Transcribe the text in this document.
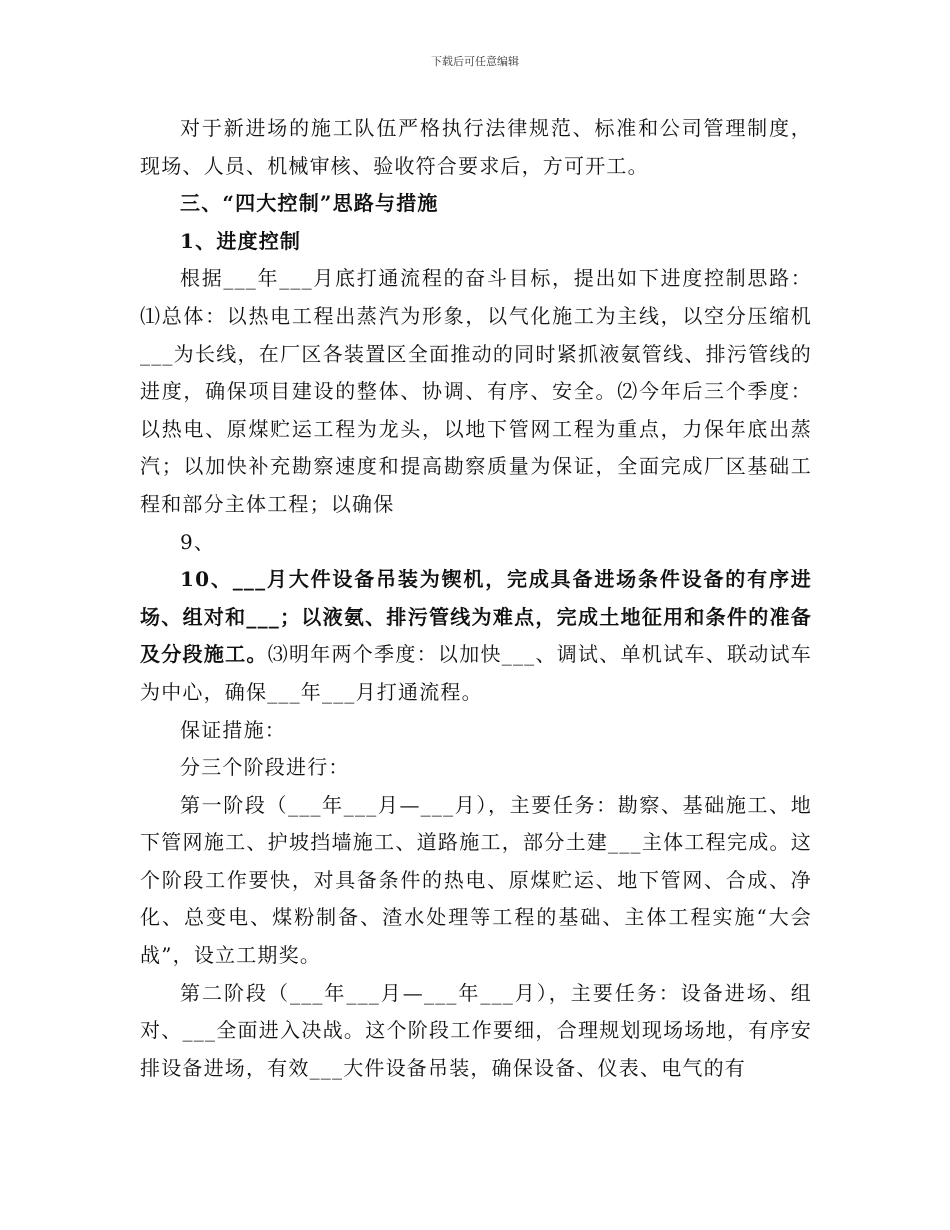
下载后可任意编辑

对于新进场的施工队伍严格执行法律规范、标准和公司管理制度，现场、人员、机械审核、验收符合要求后，方可开工。

三、“四大控制”思路与措施

1、进度控制

根据___年___月底打通流程的奋斗目标，提出如下进度控制思路：⑴总体：以热电工程出蒸汽为形象，以气化施工为主线，以空分压缩机___为长线，在厂区各装置区全面推动的同时紧抓液氨管线、排污管线的进度，确保项目建设的整体、协调、有序、安全。⑵今年后三个季度：以热电、原煤贮运工程为龙头，以地下管网工程为重点，力保年底出蒸汽；以加快补充勘察速度和提高勘察质量为保证，全面完成厂区基础工程和部分主体工程；以确保

9、

10、___月大件设备吊装为锲机，完成具备进场条件设备的有序进场、组对和___；以液氨、排污管线为难点，完成土地征用和条件的准备及分段施工。⑶明年两个季度：以加快___、调试、单机试车、联动试车为中心，确保___年___月打通流程。

保证措施：

分三个阶段进行：

第一阶段（___年___月—___月），主要任务：勘察、基础施工、地下管网施工、护坡挡墙施工、道路施工，部分土建___主体工程完成。这个阶段工作要快，对具备条件的热电、原煤贮运、地下管网、合成、净化、总变电、煤粉制备、渣水处理等工程的基础、主体工程实施“大会战”，设立工期奖。

第二阶段（___年___月—___年___月），主要任务：设备进场、组对、___全面进入决战。这个阶段工作要细，合理规划现场场地，有序安排设备进场，有效___大件设备吊装，确保设备、仪表、电气的有
